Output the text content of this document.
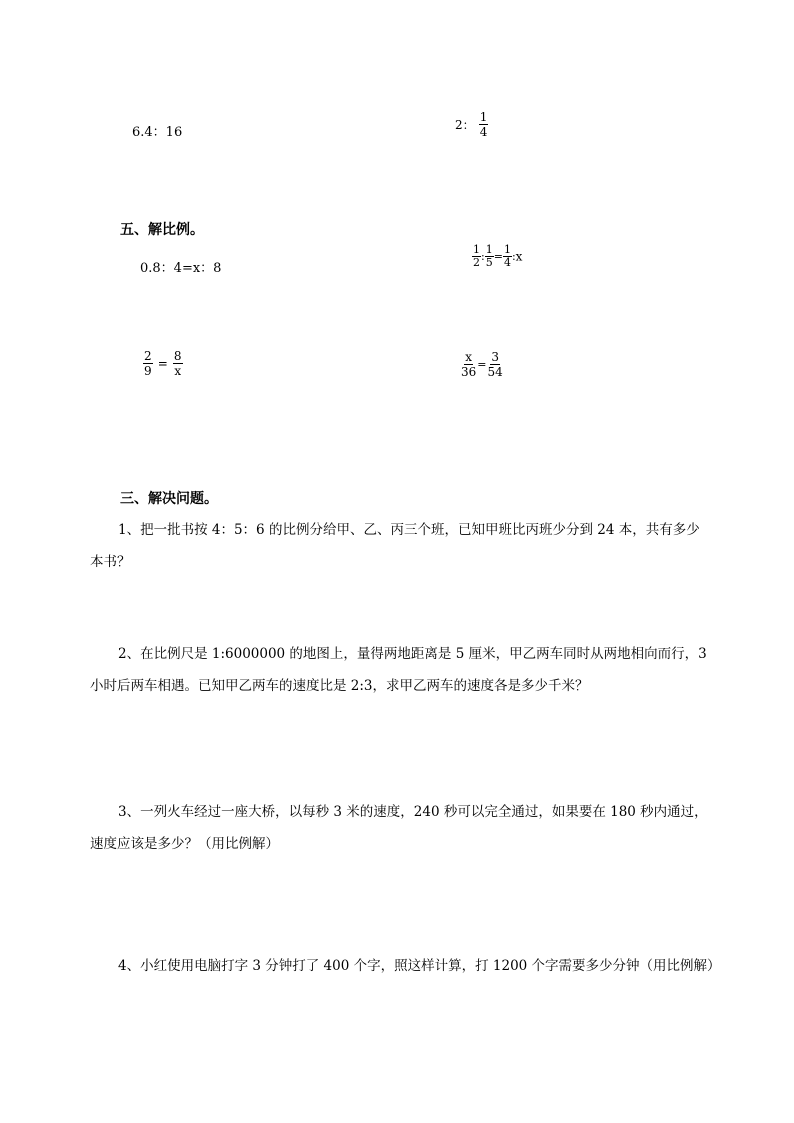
6.4：16	2： $\frac{1}{4}$
五、解比例。
0.8：4=x：8	$\frac{1}{2}$ : $\frac{1}{5} = \frac{1}{4}$ :x
$\frac{2}{9} = \frac{8}{x}$	$\frac{x}{36} = \frac{3}{54}$
三、解决问题。
1、把一批书按 4：5：6 的比例分给甲、乙、丙三个班，已知甲班比丙班少分到 24 本，共有多少本书？
2、在比例尺是 1:6000000 的地图上，量得两地距离是 5 厘米，甲乙两车同时从两地相向而行，3 小时后两车相遇。已知甲乙两车的速度比是 2:3，求甲乙两车的速度各是多少千米？
3、一列火车经过一座大桥，以每秒 3 米的速度，240 秒可以完全通过，如果要在 180 秒内通过，速度应该是多少？（用比例解）
4、小红使用电脑打字 3 分钟打了 400 个字，照这样计算，打 1200 个字需要多少分钟（用比例解）
